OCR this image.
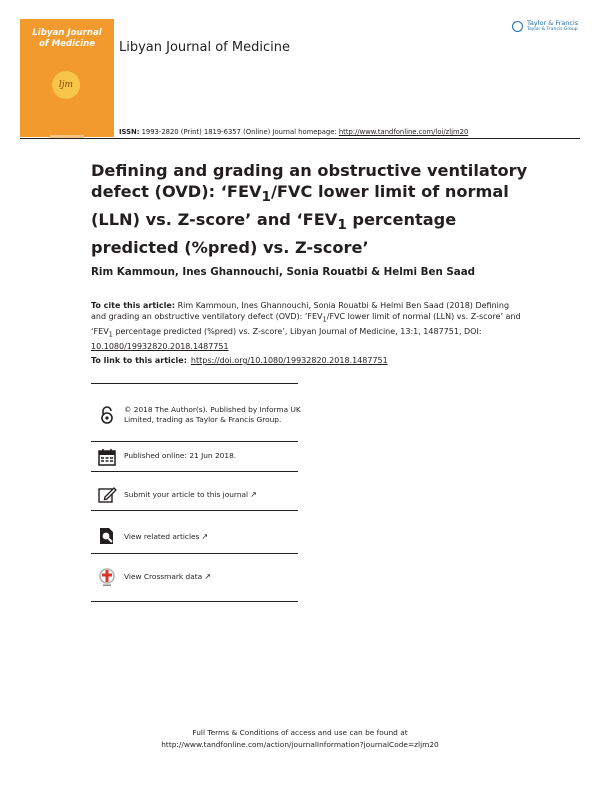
Libyan Journal
of Medicine
ljm
Libyan Journal of Medicine
Taylor & Francis
Taylor & Francis Group
ISSN: 1993-2820 (Print) 1819-6357 (Online) Journal homepage: http://www.tandfonline.com/loi/zljm20
Defining and grading an obstructive ventilatory defect (OVD): ‘$FEV_1$/FVC lower limit of normal (LLN) vs. Z-score’ and ‘$FEV_1$ percentage predicted (%pred) vs. Z-score’
Rim Kammoun, Ines Ghannouchi, Sonia Rouatbi & Helmi Ben Saad
To cite this article: Rim Kammoun, Ines Ghannouchi, Sonia Rouatbi & Helmi Ben Saad (2018) Defining and grading an obstructive ventilatory defect (OVD): ‘$FEV_1$/FVC lower limit of normal (LLN) vs. Z-score’ and ‘$FEV_1$ percentage predicted (%pred) vs. Z-score’, Libyan Journal of Medicine, 13:1, 1487751, DOI: 10.1080/19932820.2018.1487751
To link to this article: https://doi.org/10.1080/19932820.2018.1487751
© 2018 The Author(s). Published by Informa UK Limited, trading as Taylor & Francis Group.
Published online: 21 Jun 2018.
Submit your article to this journal ↗
View related articles ↗
View Crossmark data ↗
Full Terms & Conditions of access and use can be found at
http://www.tandfonline.com/action/journalInformation?journalCode=zljm20
